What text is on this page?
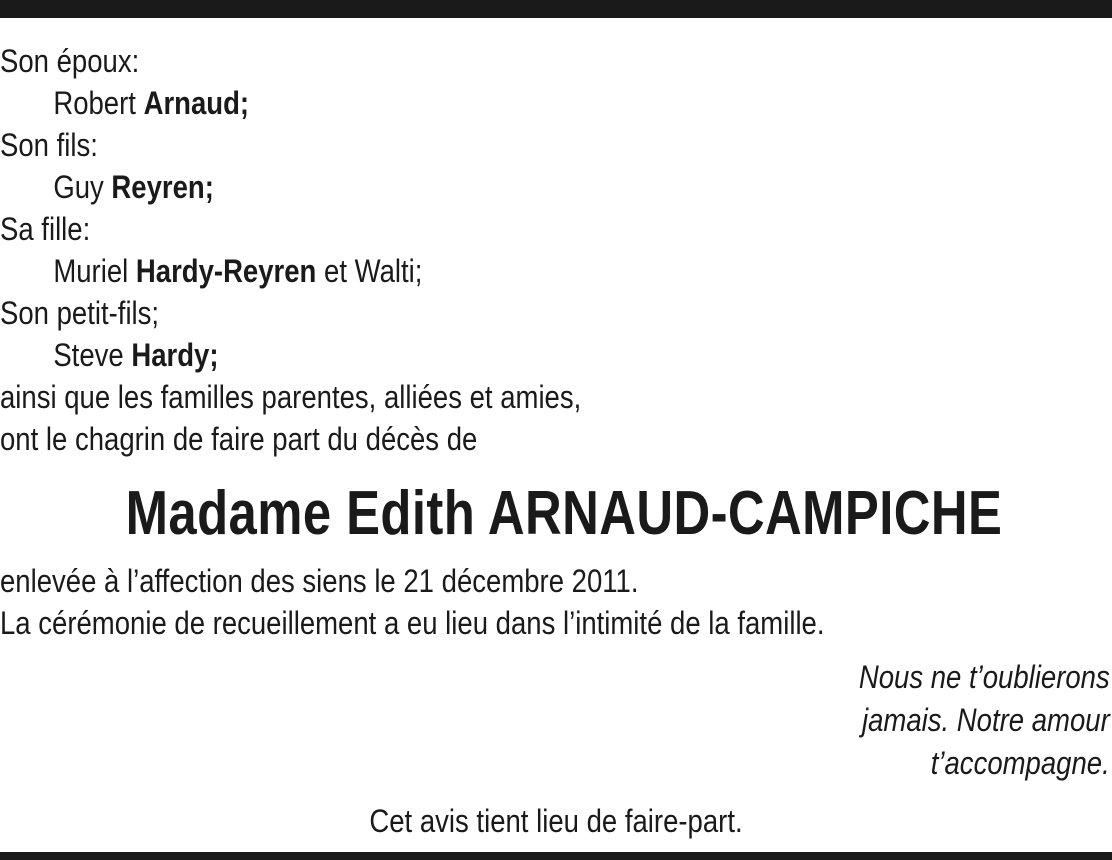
Son époux:
Robert Arnaud;
Son fils:
Guy Reyren;
Sa fille:
Muriel Hardy-Reyren et Walti;
Son petit-fils;
Steve Hardy;
ainsi que les familles parentes, alliées et amies,
ont le chagrin de faire part du décès de
Madame Edith ARNAUD-CAMPICHE
enlevée à l’affection des siens le 21 décembre 2011.
La cérémonie de recueillement a eu lieu dans l’intimité de la famille.
Nous ne t’oublierons
jamais. Notre amour
t’accompagne.
Cet avis tient lieu de faire-part.
